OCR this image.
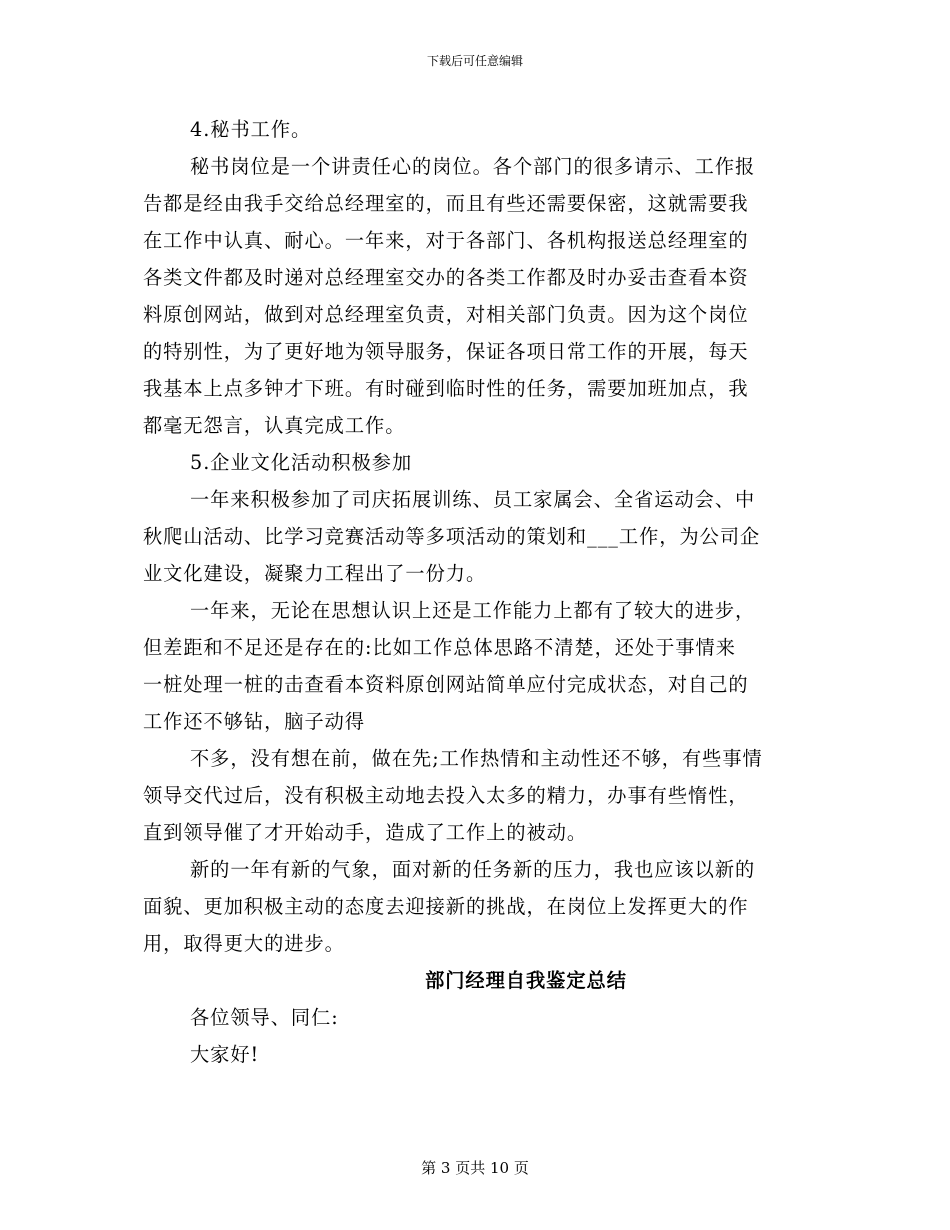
下载后可任意编辑
4.秘书工作。
秘书岗位是一个讲责任心的岗位。各个部门的很多请示、工作报
告都是经由我手交给总经理室的，而且有些还需要保密，这就需要我
在工作中认真、耐心。一年来，对于各部门、各机构报送总经理室的
各类文件都及时递对总经理室交办的各类工作都及时办妥击查看本资
料原创网站，做到对总经理室负责，对相关部门负责。因为这个岗位
的特别性，为了更好地为领导服务，保证各项日常工作的开展，每天
我基本上点多钟才下班。有时碰到临时性的任务，需要加班加点，我
都毫无怨言，认真完成工作。
5.企业文化活动积极参加
一年来积极参加了司庆拓展训练、员工家属会、全省运动会、中
秋爬山活动、比学习竞赛活动等多项活动的策划和___工作，为公司企
业文化建设，凝聚力工程出了一份力。
一年来，无论在思想认识上还是工作能力上都有了较大的进步，
但差距和不足还是存在的:比如工作总体思路不清楚，还处于事情来
一桩处理一桩的击查看本资料原创网站简单应付完成状态，对自己的
工作还不够钻，脑子动得
不多，没有想在前，做在先;工作热情和主动性还不够，有些事情
领导交代过后，没有积极主动地去投入太多的精力，办事有些惰性，
直到领导催了才开始动手，造成了工作上的被动。
新的一年有新的气象，面对新的任务新的压力，我也应该以新的
面貌、更加积极主动的态度去迎接新的挑战，在岗位上发挥更大的作
用，取得更大的进步。
部门经理自我鉴定总结
各位领导、同仁:
大家好!
第 3 页共 10 页
